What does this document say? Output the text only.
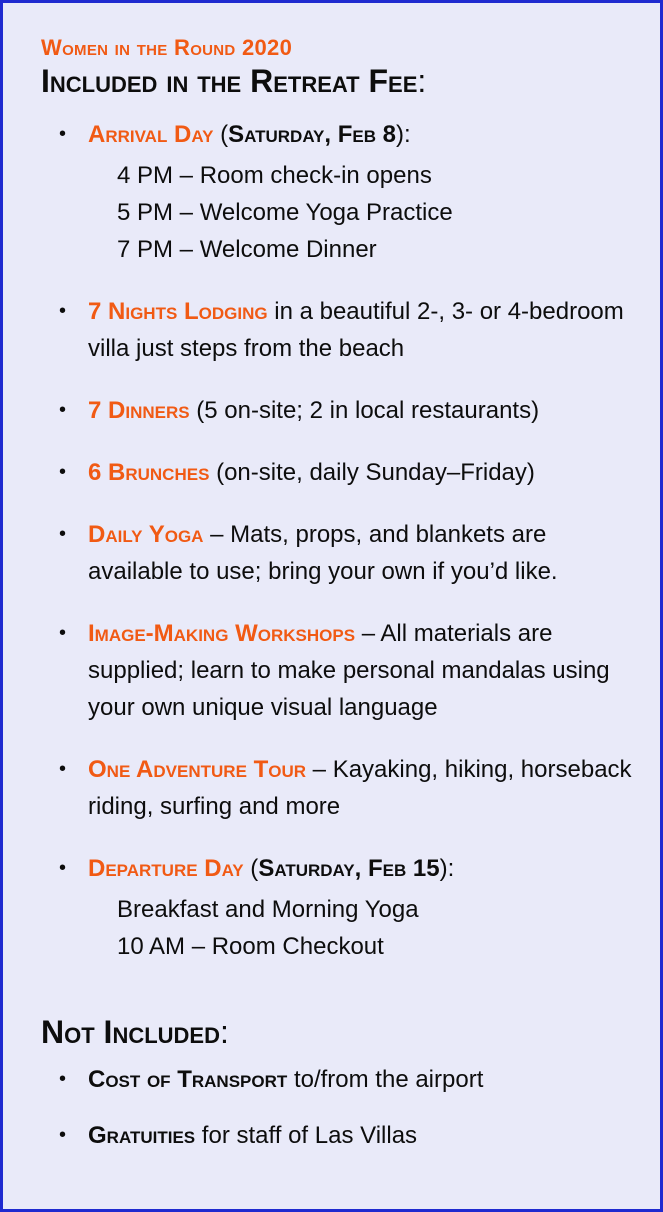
Women in the Round 2020
Included in the Retreat Fee:
• Arrival Day (Saturday, Feb 8):
4 PM – Room check-in opens
5 PM – Welcome Yoga Practice
7 PM – Welcome Dinner
• 7 Nights Lodging in a beautiful 2-, 3- or 4-bedroom villa just steps from the beach
• 7 Dinners (5 on-site; 2 in local restaurants)
• 6 Brunches (on-site, daily Sunday–Friday)
• Daily Yoga – Mats, props, and blankets are available to use; bring your own if you’d like.
• Image-Making Workshops – All materials are supplied; learn to make personal mandalas using your own unique visual language
• One Adventure Tour – Kayaking, hiking, horseback riding, surfing and more
• Departure Day (Saturday, Feb 15):
Breakfast and Morning Yoga
10 AM – Room Checkout
Not Included:
• Cost of Transport to/from the airport
• Gratuities for staff of Las Villas
